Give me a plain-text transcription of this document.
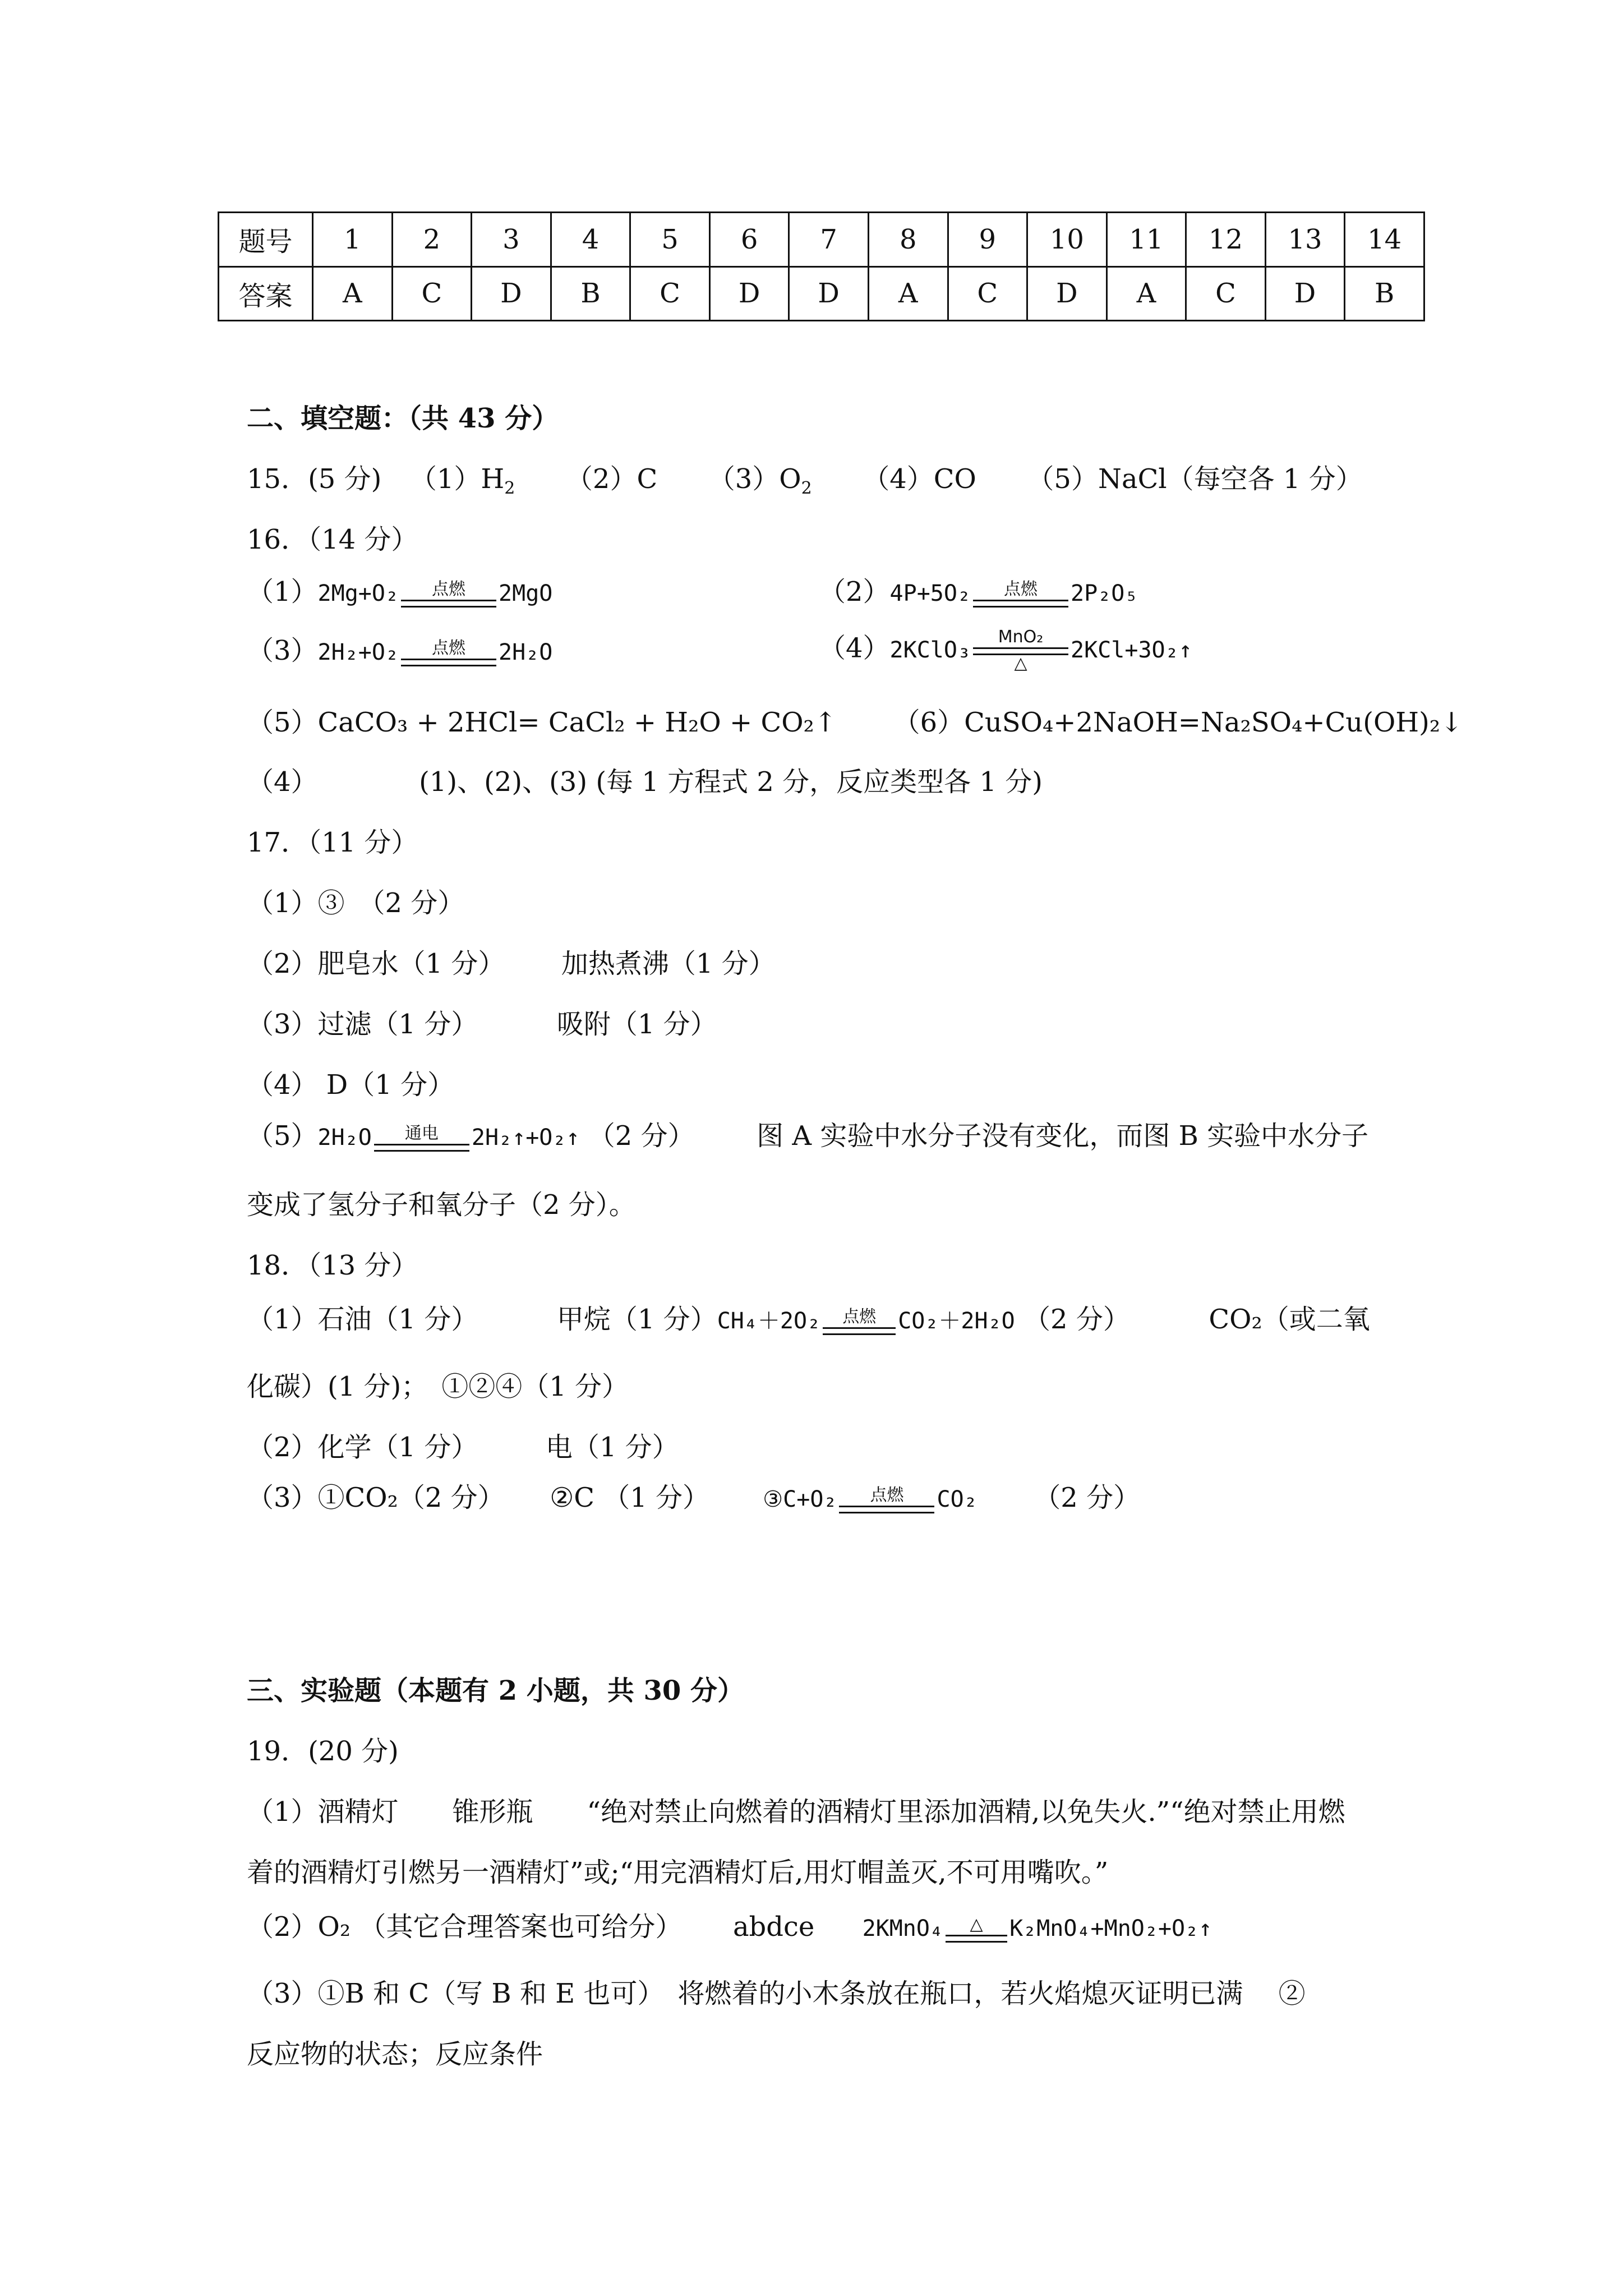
题号	1	2	3	4	5	6	7	8	9	10	11	12	13	14
答案	A	C	D	B	C	D	D	A	C	D	A	C	D	B
二、填空题：（共 43 分）
15．(5 分) $(1)H_2$ （2）C $(3)O_2$ （4）CO （5）NaCl（每空各 1 分）
16．（14 分）
（1）2Mg+O₂	点燃	2MgO	（2）4P+5O₂	点燃	2P₂O₅
（3）2H₂+O₂	点燃	2H₂O	（4）2KClO₃	MnO₂
△
2KCl+3O₂↑
（5）CaCO₃ + 2HCl= CaCl₂ + H₂O + CO₂↑ （6）CuSO₄+2NaOH=Na₂SO₄+Cu(OH)₂↓
（4）	(1)、(2)、(3) (每 1 方程式 2 分，反应类型各 1 分)
17．（11 分）
（1）③　（2 分）
（2）肥皂水（1 分） 加热煮沸（1 分）
（3）过滤（1 分）	吸附（1 分）
（4） D（1 分）
（5）2H₂O	通电	2H₂↑+O₂↑ （2 分） 图 A 实验中水分子没有变化，而图 B 实验中水分子
变成了氢分子和氧分子（2 分）。
18．（13 分）
（1）石油（1 分）	甲烷（1 分）CH₄＋2O₂	点燃 CO₂＋2H₂O （2 分）	CO₂（或二氧
化碳）(1 分)；　①②④（1 分）
（2）化学（1 分）	电（1 分）
（3）①CO₂（2 分） ②C （1 分） ③C+O₂	点燃	CO₂ （2 分）
三、实验题（本题有 2 小题，共 30 分）
19．(20 分)
（1）酒精灯　　锥形瓶　　“绝对禁止向燃着的酒精灯里添加酒精,以免失火.”“绝对禁止用燃
着的酒精灯引燃另一酒精灯”或;“用完酒精灯后,用灯帽盖灭,不可用嘴吹。”
（2）O₂ （其它合理答案也可给分） abdce 2KMnO₄	△	K₂MnO₄+MnO₂+O₂↑
（3）①B 和 C（写 B 和 E 也可）　将燃着的小木条放在瓶口，若火焰熄灭证明已满　 ②
反应物的状态；反应条件
